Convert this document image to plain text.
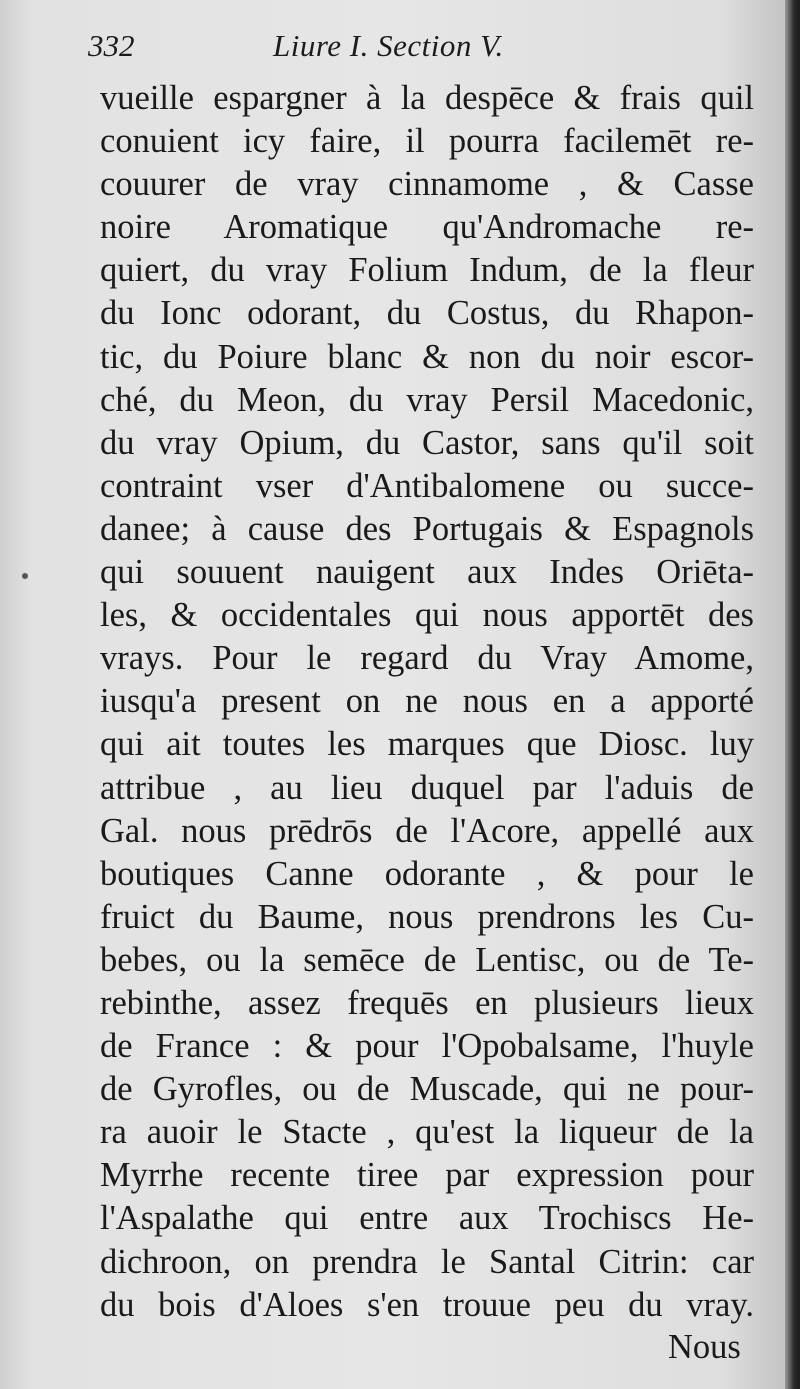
332	Liure I. Section V.
vueille espargner à la despēce & frais quil
conuient icy faire, il pourra facilemēt re-
couurer de vray cinnamome , & Casse
noire Aromatique qu'Andromache re-
quiert, du vray Folium Indum, de la fleur
du Ionc odorant, du Costus, du Rhapon-
tic, du Poiure blanc & non du noir escor-
ché, du Meon, du vray Persil Macedonic,
du vray Opium, du Castor, sans qu'il soit
contraint vser d'Antibalomene ou succe-
danee; à cause des Portugais & Espagnols
qui souuent nauigent aux Indes Oriēta-
les, & occidentales qui nous apportēt des
vrays. Pour le regard du Vray Amome,
iusqu'a present on ne nous en a apporté
qui ait toutes les marques que Diosc. luy
attribue , au lieu duquel par l'aduis de
Gal. nous prēdrōs de l'Acore, appellé aux
boutiques Canne odorante , & pour le
fruict du Baume, nous prendrons les Cu-
bebes, ou la semēce de Lentisc, ou de Te-
rebinthe, assez frequēs en plusieurs lieux
de France : & pour l'Opobalsame, l'huyle
de Gyrofles, ou de Muscade, qui ne pour-
ra auoir le Stacte , qu'est la liqueur de la
Myrrhe recente tiree par expression pour
l'Aspalathe qui entre aux Trochiscs He-
dichroon, on prendra le Santal Citrin: car
du bois d'Aloes s'en trouue peu du vray.
Nous
